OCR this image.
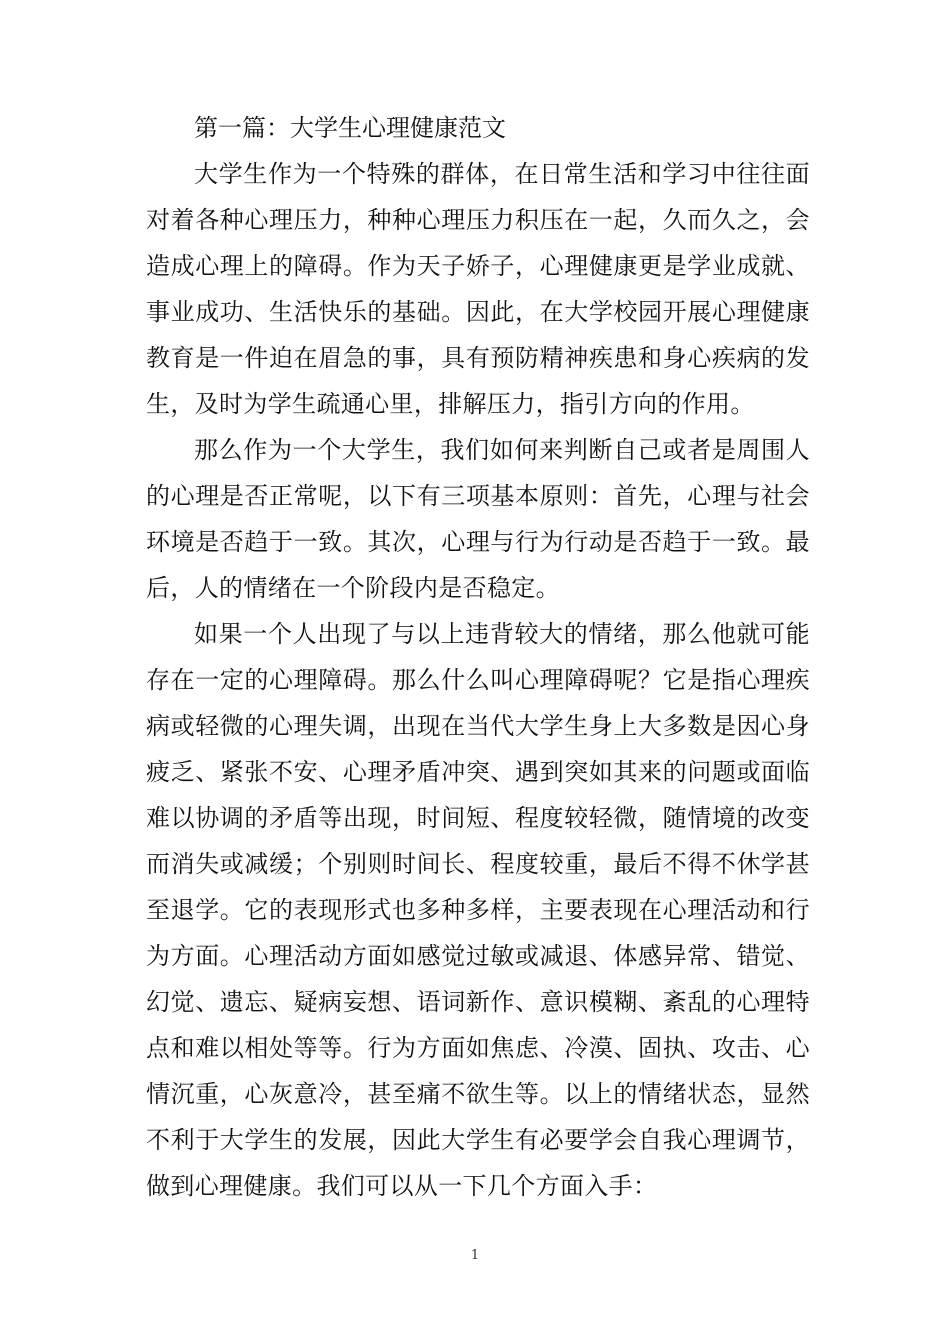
第一篇：大学生心理健康范文

大学生作为一个特殊的群体，在日常生活和学习中往往面对着各种心理压力，种种心理压力积压在一起，久而久之，会造成心理上的障碍。作为天子娇子，心理健康更是学业成就、事业成功、生活快乐的基础。因此，在大学校园开展心理健康教育是一件迫在眉急的事，具有预防精神疾患和身心疾病的发生，及时为学生疏通心里，排解压力，指引方向的作用。

那么作为一个大学生，我们如何来判断自己或者是周围人的心理是否正常呢，以下有三项基本原则：首先，心理与社会环境是否趋于一致。其次，心理与行为行动是否趋于一致。最后，人的情绪在一个阶段内是否稳定。

如果一个人出现了与以上违背较大的情绪，那么他就可能存在一定的心理障碍。那么什么叫心理障碍呢？它是指心理疾病或轻微的心理失调，出现在当代大学生身上大多数是因心身疲乏、紧张不安、心理矛盾冲突、遇到突如其来的问题或面临难以协调的矛盾等出现，时间短、程度较轻微，随情境的改变而消失或减缓；个别则时间长、程度较重，最后不得不休学甚至退学。它的表现形式也多种多样，主要表现在心理活动和行为方面。心理活动方面如感觉过敏或减退、体感异常、错觉、幻觉、遗忘、疑病妄想、语词新作、意识模糊、紊乱的心理特点和难以相处等等。行为方面如焦虑、冷漠、固执、攻击、心情沉重，心灰意冷，甚至痛不欲生等。以上的情绪状态，显然不利于大学生的发展，因此大学生有必要学会自我心理调节，做到心理健康。我们可以从一下几个方面入手：

1
